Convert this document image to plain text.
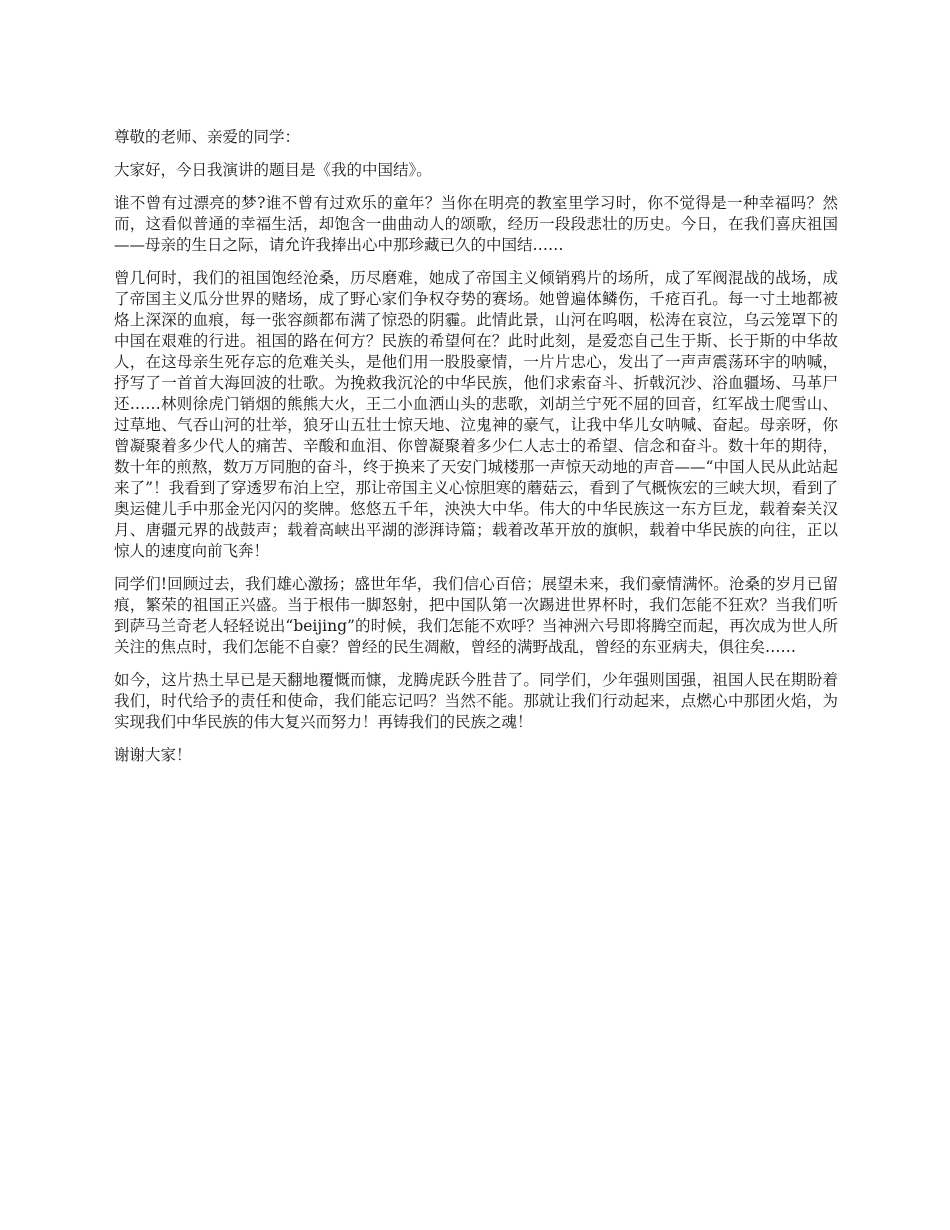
尊敬的老师、亲爱的同学：

大家好，今日我演讲的题目是《我的中国结》。

谁不曾有过漂亮的梦?谁不曾有过欢乐的童年？当你在明亮的教室里学习时，你不觉得是一种幸福吗？然而，这看似普通的幸福生活，却饱含一曲曲动人的颂歌，经历一段段悲壮的历史。今日，在我们喜庆祖国——母亲的生日之际，请允许我捧出心中那珍藏已久的中国结……

曾几何时，我们的祖国饱经沧桑，历尽磨难，她成了帝国主义倾销鸦片的场所，成了军阀混战的战场，成了帝国主义瓜分世界的赌场，成了野心家们争权夺势的赛场。她曾遍体鳞伤，千疮百孔。每一寸土地都被烙上深深的血痕，每一张容颜都布满了惊恐的阴霾。此情此景，山河在呜咽，松涛在哀泣，乌云笼罩下的中国在艰难的行进。祖国的路在何方？民族的希望何在？此时此刻，是爱恋自己生于斯、长于斯的中华故人，在这母亲生死存忘的危难关头，是他们用一股股豪情，一片片忠心，发出了一声声震荡环宇的呐喊，抒写了一首首大海回波的壮歌。为挽救我沉沦的中华民族，他们求索奋斗、折戟沉沙、浴血疆场、马革尸还……林则徐虎门销烟的熊熊大火，王二小血洒山头的悲歌，刘胡兰宁死不屈的回音，红军战士爬雪山、过草地、气吞山河的壮举，狼牙山五壮士惊天地、泣鬼神的豪气，让我中华儿女呐喊、奋起。母亲呀，你曾凝聚着多少代人的痛苦、辛酸和血泪、你曾凝聚着多少仁人志士的希望、信念和奋斗。数十年的期待，数十年的煎熬，数万万同胞的奋斗，终于换来了天安门城楼那一声惊天动地的声音——“中国人民从此站起来了”！我看到了穿透罗布泊上空，那让帝国主义心惊胆寒的蘑菇云，看到了气概恢宏的三峡大坝，看到了奥运健儿手中那金光闪闪的奖牌。悠悠五千年，泱泱大中华。伟大的中华民族这一东方巨龙，载着秦关汉月、唐疆元界的战鼓声；载着高峡出平湖的澎湃诗篇；载着改革开放的旗帜，载着中华民族的向往，正以惊人的速度向前飞奔！

同学们!回顾过去，我们雄心激扬；盛世年华，我们信心百倍；展望未来，我们豪情满怀。沧桑的岁月已留痕，繁荣的祖国正兴盛。当于根伟一脚怒射，把中国队第一次踢进世界杯时，我们怎能不狂欢？当我们听到萨马兰奇老人轻轻说出“beijing”的时候，我们怎能不欢呼？当神洲六号即将腾空而起，再次成为世人所关注的焦点时，我们怎能不自豪？曾经的民生凋敝，曾经的满野战乱，曾经的东亚病夫，俱往矣……

如今，这片热土早已是天翻地覆慨而慷，龙腾虎跃今胜昔了。同学们，少年强则国强，祖国人民在期盼着我们，时代给予的责任和使命，我们能忘记吗？当然不能。那就让我们行动起来，点燃心中那团火焰，为实现我们中华民族的伟大复兴而努力！再铸我们的民族之魂！

谢谢大家！
